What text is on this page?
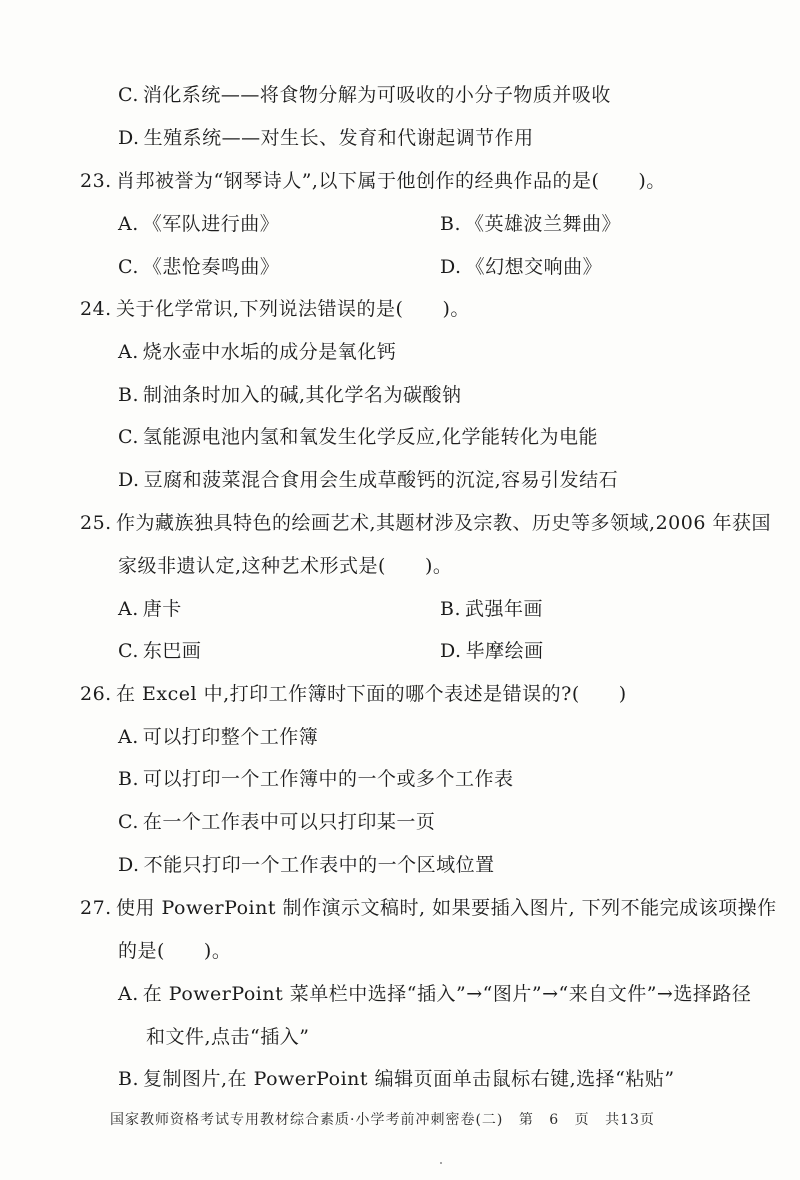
C. 消化系统——将食物分解为可吸收的小分子物质并吸收
D. 生殖系统——对生长、发育和代谢起调节作用
23. 肖邦被誉为“钢琴诗人”,以下属于他创作的经典作品的是(　　)。
A. 《军队进行曲》	B. 《英雄波兰舞曲》
C. 《悲怆奏鸣曲》	D. 《幻想交响曲》
24. 关于化学常识,下列说法错误的是(　　)。
A. 烧水壶中水垢的成分是氧化钙
B. 制油条时加入的碱,其化学名为碳酸钠
C. 氢能源电池内氢和氧发生化学反应,化学能转化为电能
D. 豆腐和菠菜混合食用会生成草酸钙的沉淀,容易引发结石
25. 作为藏族独具特色的绘画艺术,其题材涉及宗教、历史等多领域,2006 年获国
家级非遗认定,这种艺术形式是(　　)。
A. 唐卡	B. 武强年画
C. 东巴画	D. 毕摩绘画
26. 在 Excel 中,打印工作簿时下面的哪个表述是错误的?(　　)
A. 可以打印整个工作簿
B. 可以打印一个工作簿中的一个或多个工作表
C. 在一个工作表中可以只打印某一页
D. 不能只打印一个工作表中的一个区域位置
27. 使用 PowerPoint 制作演示文稿时, 如果要插入图片, 下列不能完成该项操作
的是(　　)。
A. 在 PowerPoint 菜单栏中选择“插入”→“图片”→“来自文件”→选择路径
和文件,点击“插入”
B. 复制图片,在 PowerPoint 编辑页面单击鼠标右键,选择“粘贴”
国家教师资格考试专用教材综合素质·小学考前冲刺密卷(二) 第 6 页 共13页
